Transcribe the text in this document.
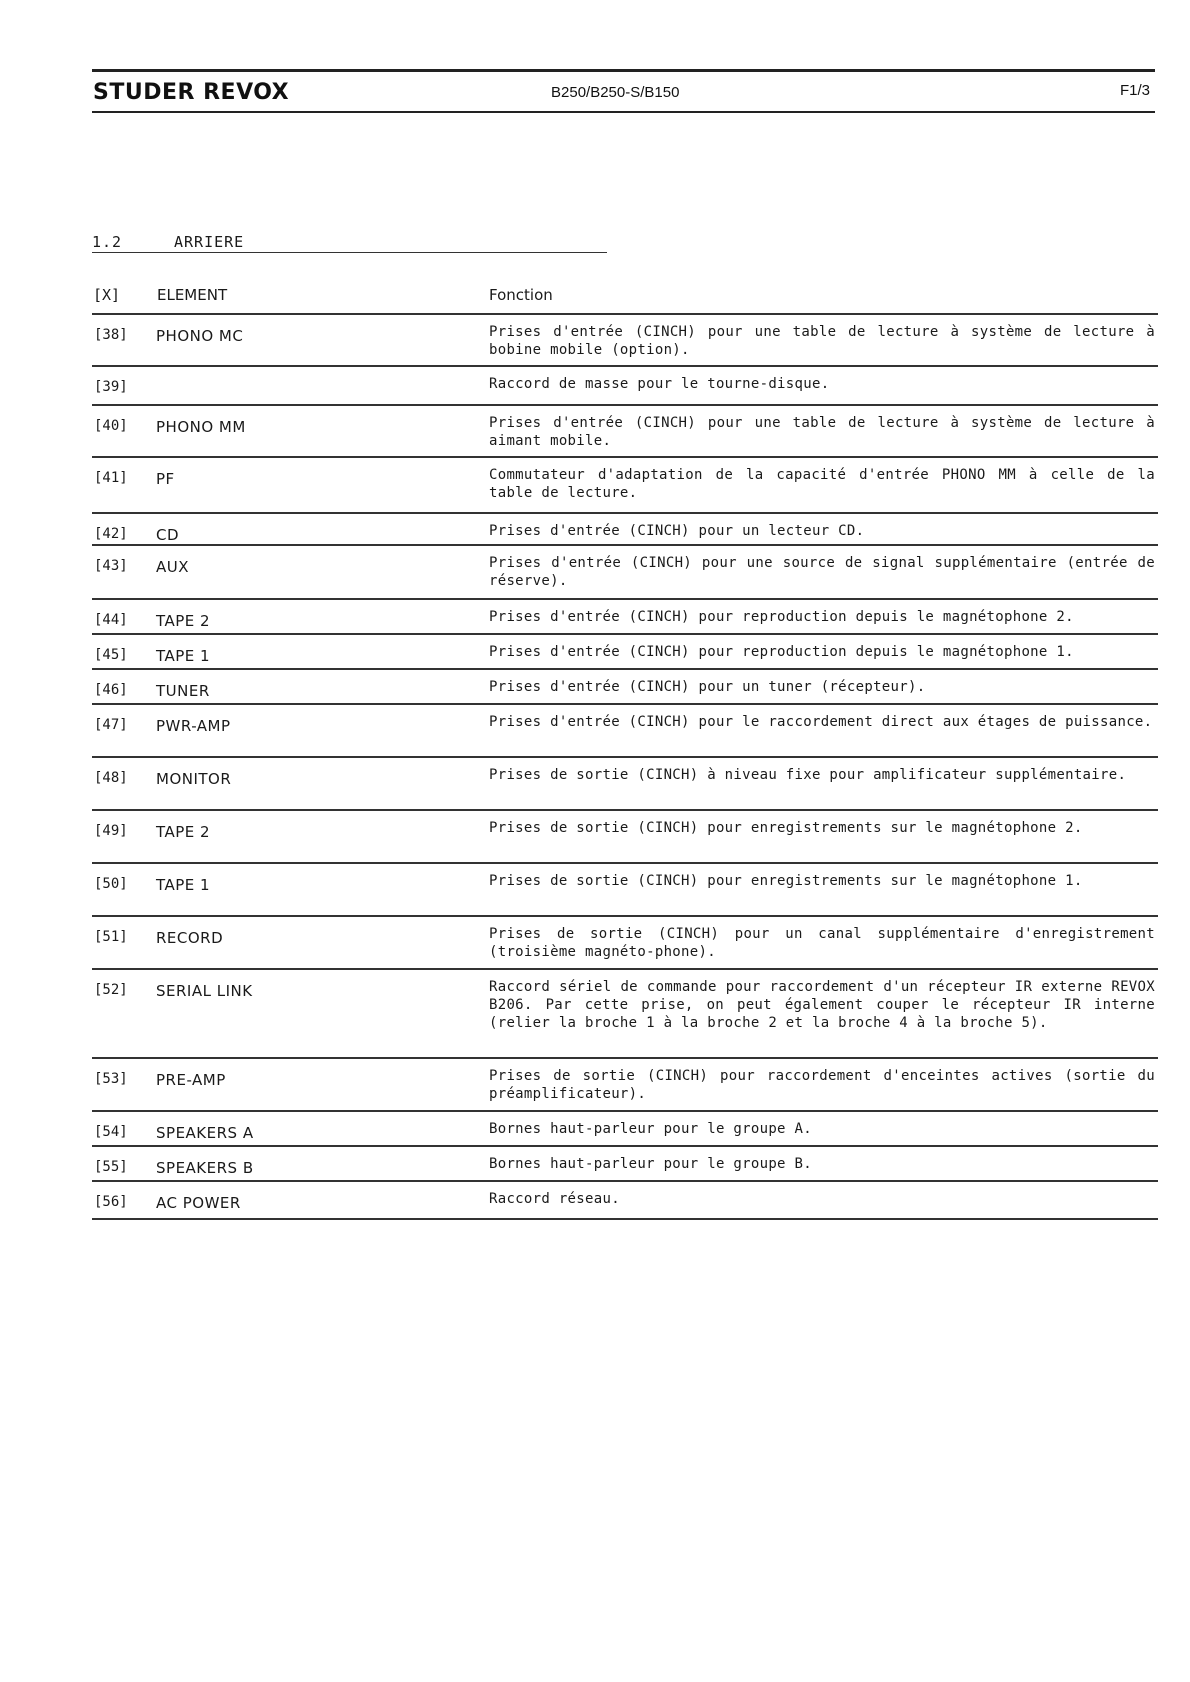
STUDER REVOX	B250/B250-S/B150	F1/3
1.2	ARRIERE
[X] ELEMENT	Fonction
[38] PHONO MC	Prises d'entrée (CINCH) pour une table de lecture à système de lecture à bobine mobile (option).
[39]	Raccord de masse pour le tourne-disque.
[40] PHONO MM	Prises d'entrée (CINCH) pour une table de lecture à système de lecture à aimant mobile.
[41] PF	Commutateur d'adaptation de la capacité d'entrée PHONO MM à celle de la table de lecture.
[42] CD	Prises d'entrée (CINCH) pour un lecteur CD.
[43] AUX	Prises d'entrée (CINCH) pour une source de signal supplémentaire (entrée de réserve).
[44] TAPE 2	Prises d'entrée (CINCH) pour reproduction depuis le magnétophone 2.
[45] TAPE 1	Prises d'entrée (CINCH) pour reproduction depuis le magnétophone 1.
[46] TUNER	Prises d'entrée (CINCH) pour un tuner (récepteur).
[47] PWR-AMP	Prises d'entrée (CINCH) pour le raccordement direct aux étages de puissance.
[48] MONITOR	Prises de sortie (CINCH) à niveau fixe pour amplificateur supplémentaire.
[49] TAPE 2	Prises de sortie (CINCH) pour enregistrements sur le magnétophone 2.
[50] TAPE 1	Prises de sortie (CINCH) pour enregistrements sur le magnétophone 1.
[51] RECORD	Prises de sortie (CINCH) pour un canal supplémentaire d'enregistrement (troisième magnéto-phone).
[52] SERIAL LINK	Raccord sériel de commande pour raccordement d'un récepteur IR externe REVOX B206. Par cette prise, on peut également couper le récepteur IR interne (relier la broche 1 à la broche 2 et la broche 4 à la broche 5).
[53] PRE-AMP	Prises de sortie (CINCH) pour raccordement d'enceintes actives (sortie du préamplificateur).
[54] SPEAKERS A	Bornes haut-parleur pour le groupe A.
[55] SPEAKERS B	Bornes haut-parleur pour le groupe B.
[56] AC POWER	Raccord réseau.
